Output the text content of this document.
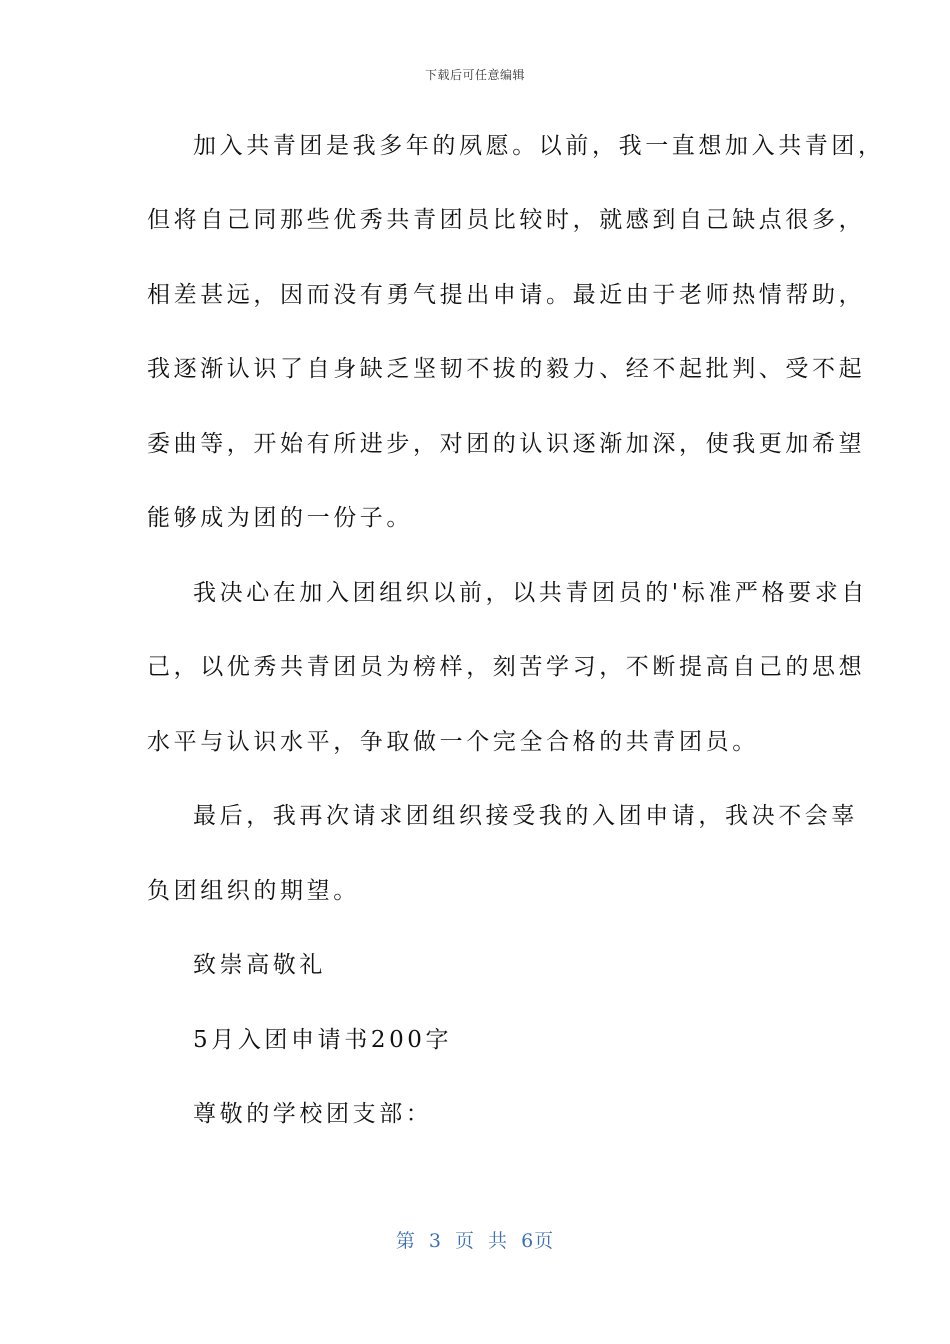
下载后可任意编辑
加入共青团是我多年的夙愿。以前，我一直想加入共青团，
但将自己同那些优秀共青团员比较时，就感到自己缺点很多，
相差甚远，因而没有勇气提出申请。最近由于老师热情帮助，
我逐渐认识了自身缺乏坚韧不拔的毅力、经不起批判、受不起
委曲等，开始有所进步，对团的认识逐渐加深，使我更加希望
能够成为团的一份子。
我决心在加入团组织以前，以共青团员的'标准严格要求自
己，以优秀共青团员为榜样，刻苦学习，不断提高自己的思想
水平与认识水平，争取做一个完全合格的共青团员。
最后，我再次请求团组织接受我的入团申请，我决不会辜
负团组织的期望。
致崇高敬礼
5月入团申请书200字
尊敬的学校团支部：
第 3 页 共 6页
